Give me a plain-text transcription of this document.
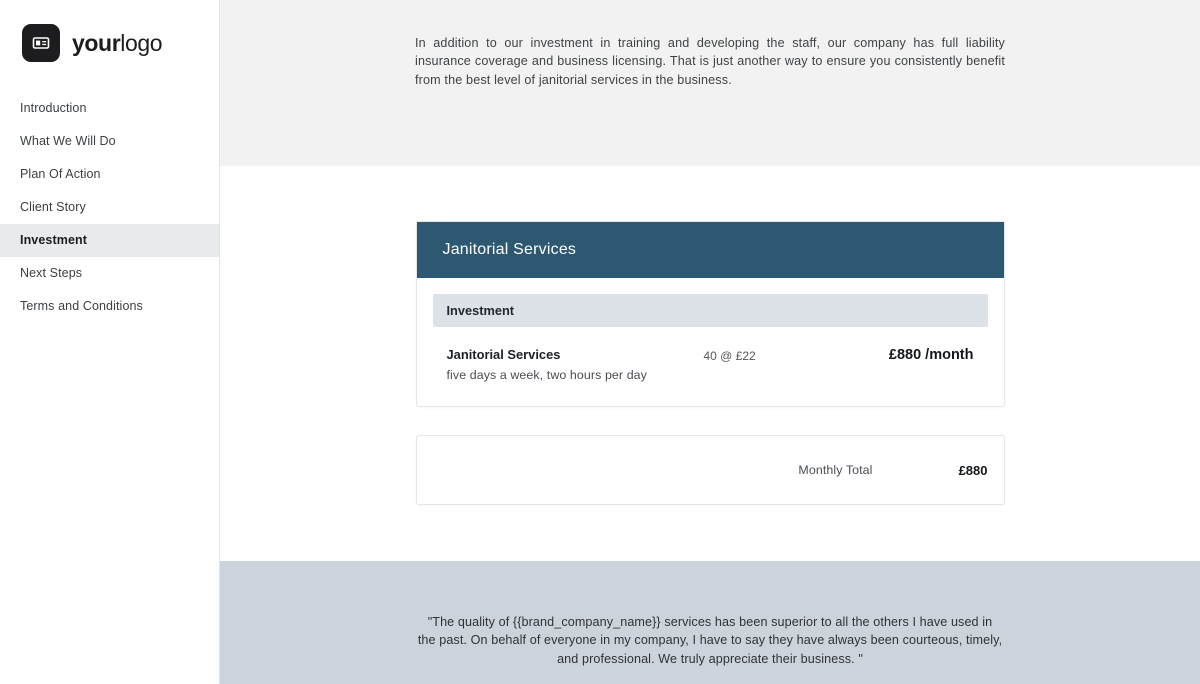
yourlogo
Introduction
What We Will Do
Plan Of Action
Client Story
Investment
Next Steps
Terms and Conditions

In addition to our investment in training and developing the staff, our company has full liability insurance coverage and business licensing. That is just another way to ensure you consistently benefit from the best level of janitorial services in the business.

Janitorial Services
Investment
Janitorial Services
five days a week, two hours per day
40 @ £22	£880 /month
Monthly Total	£880

"The quality of {{brand_company_name}} services has been superior to all the others I have used in the past. On behalf of everyone in my company, I have to say they have always been courteous, timely, and professional. We truly appreciate their business. "
